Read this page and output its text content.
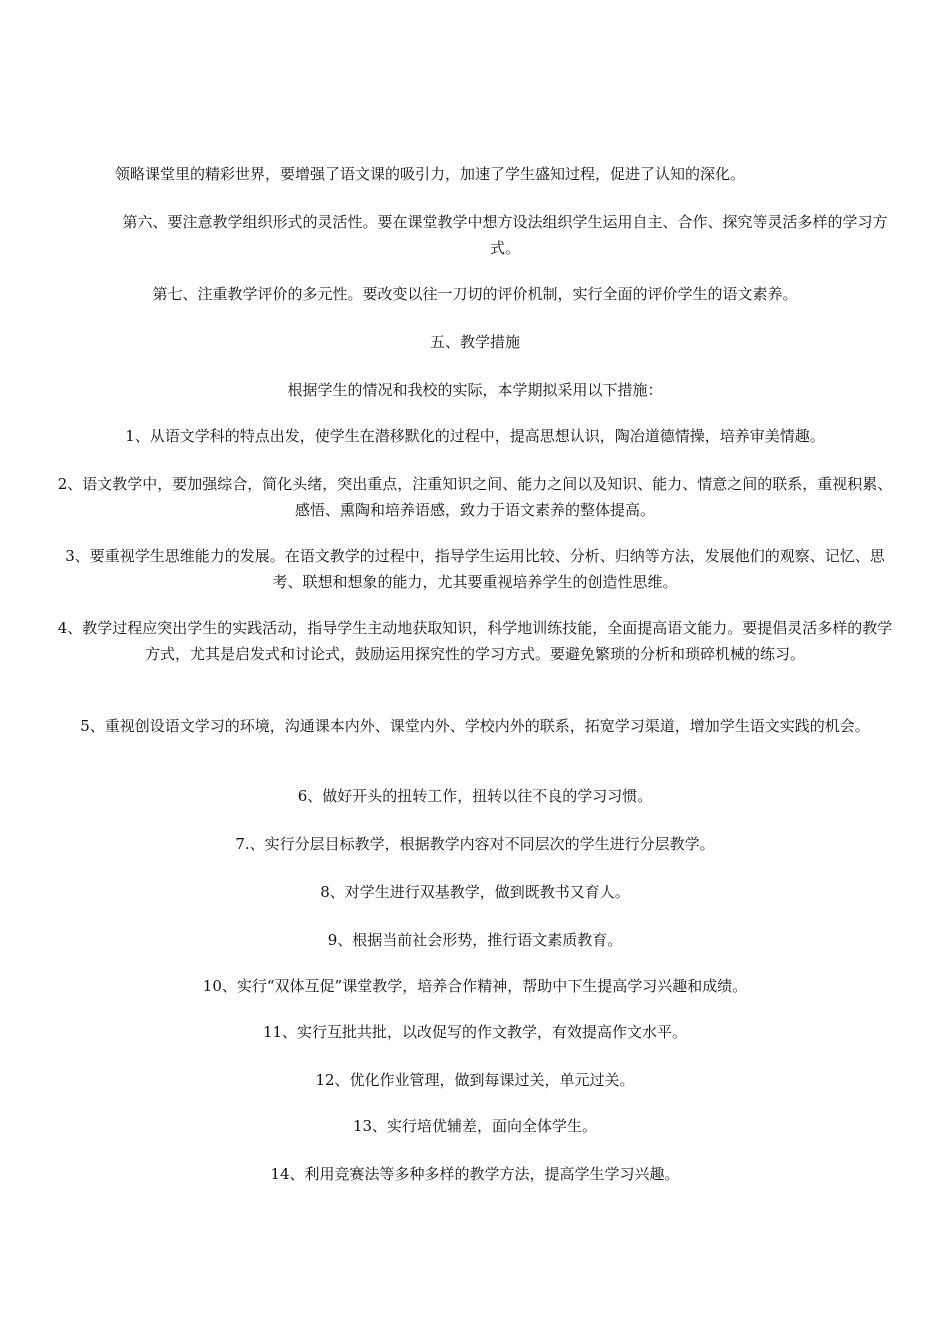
领略课堂里的精彩世界，要增强了语文课的吸引力，加速了学生盛知过程，促进了认知的深化。

第六、要注意教学组织形式的灵活性。要在课堂教学中想方设法组织学生运用自主、合作、探究等灵活多样的学习方式。

第七、注重教学评价的多元性。要改变以往一刀切的评价机制，实行全面的评价学生的语文素养。

五、教学措施

根据学生的情况和我校的实际，本学期拟采用以下措施：

1、从语文学科的特点出发，使学生在潜移默化的过程中，提高思想认识，陶冶道德情操，培养审美情趣。

2、语文教学中，要加强综合，简化头绪，突出重点，注重知识之间、能力之间以及知识、能力、情意之间的联系，重视积累、感悟、熏陶和培养语感，致力于语文素养的整体提高。

3、要重视学生思维能力的发展。在语文教学的过程中，指导学生运用比较、分析、归纳等方法，发展他们的观察、记忆、思考、联想和想象的能力，尤其要重视培养学生的创造性思维。

4、教学过程应突出学生的实践活动，指导学生主动地获取知识，科学地训练技能，全面提高语文能力。要提倡灵活多样的教学方式，尤其是启发式和讨论式，鼓励运用探究性的学习方式。要避免繁琐的分析和琐碎机械的练习。

5、重视创设语文学习的环境，沟通课本内外、课堂内外、学校内外的联系，拓宽学习渠道，增加学生语文实践的机会。

6、做好开头的扭转工作，扭转以往不良的学习习惯。

7.、实行分层目标教学，根据教学内容对不同层次的学生进行分层教学。

8、对学生进行双基教学，做到既教书又育人。

9、根据当前社会形势，推行语文素质教育。

10、实行“双体互促”课堂教学，培养合作精神，帮助中下生提高学习兴趣和成绩。

11、实行互批共批，以改促写的作文教学，有效提高作文水平。

12、优化作业管理，做到每课过关，单元过关。

13、实行培优辅差，面向全体学生。

14、利用竞赛法等多种多样的教学方法，提高学生学习兴趣。
